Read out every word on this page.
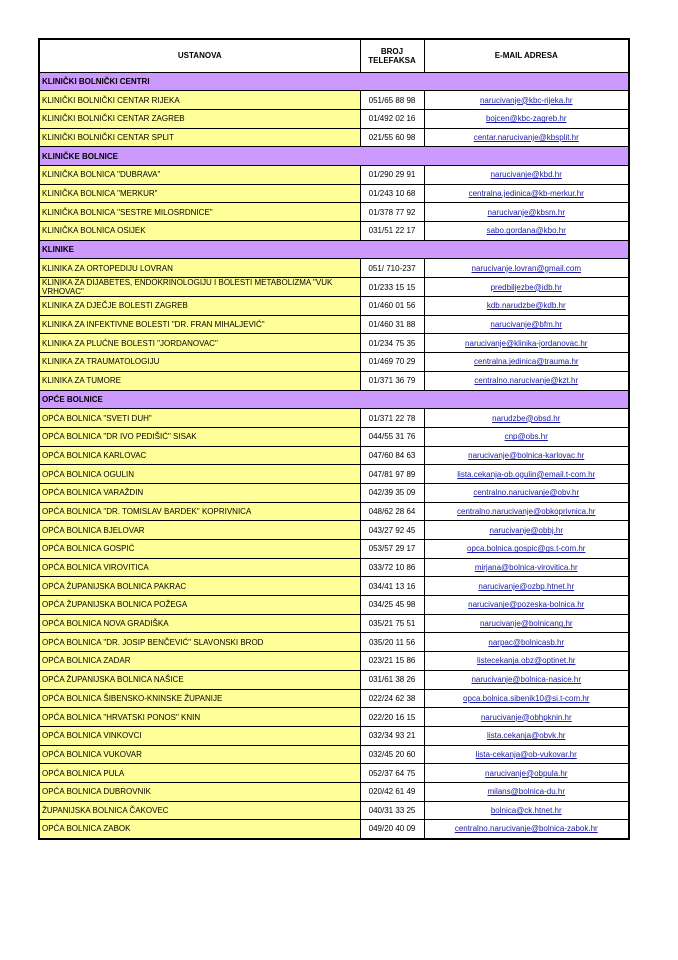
USTANOVA	BROJ TELEFAKSA	E-MAIL ADRESA
KLINIČKI BOLNIČKI CENTRI		
KLINIČKI BOLNIČKI CENTAR RIJEKA	051/65 88 98	narucivanje@kbc-rijeka.hr
KLINIČKI BOLNIČKI CENTAR ZAGREB	01/492 02 16	bojcen@kbc-zagreb.hr
KLINIČKI BOLNIČKI CENTAR SPLIT	021/55 60 98	centar.narucivanje@kbsplit.hr
KLINIČKE BOLNICE		
KLINIČKA BOLNICA "DUBRAVA"	01/290 29 91	narucivanje@kbd.hr
KLINIČKA BOLNICA "MERKUR"	01/243 10 68	centralna.jedinica@kb-merkur.hr
KLINIČKA BOLNICA "SESTRE MILOSRDNICE"	01/378 77 92	narucivanje@kbsm.hr
KLINIČKA BOLNICA OSIJEK	031/51 22 17	sabo.gordana@kbo.hr
KLINIKE		
KLINIKA ZA ORTOPEDIJU LOVRAN	051/ 710-237	narucivanje.lovran@gmail.com
KLINIKA ZA DIJABETES, ENDOKRINOLOGIJU I BOLESTI METABOLIZMA "VUK VRHOVAC"	01/233 15 15	predbiljezbe@idb.hr
KLINIKA ZA DJEČJE BOLESTI ZAGREB	01/460 01 56	kdb.narudzbe@kdb.hr
KLINIKA ZA INFEKTIVNE BOLESTI "DR. FRAN MIHALJEVIĆ"	01/460 31 88	narucivanje@bfm.hr
KLINIKA ZA PLUĆNE BOLESTI "JORDANOVAC"	01/234 75 35	narucivanje@klinika-jordanovac.hr
KLINIKA ZA TRAUMATOLOGIJU	01/469 70 29	centralna.jedinica@trauma.hr
KLINIKA ZA TUMORE	01/371 36 79	centralno.narucivanje@kzt.hr
OPĆE BOLNICE		
OPĆA BOLNICA "SVETI DUH"	01/371 22 78	narudzbe@obsd.hr
OPĆA BOLNICA "DR IVO PEDIŠIĆ" SISAK	044/55 31 76	cnp@obs.hr
OPĆA BOLNICA KARLOVAC	047/60 84 63	narucivanje@bolnica-karlovac.hr
OPĆA BOLNICA OGULIN	047/81 97 89	lista.cekanja-ob.ogulin@email.t-com.hr
OPĆA BOLNICA VARAŽDIN	042/39 35 09	centralno.narucivanje@obv.hr
OPĆA BOLNICA "DR. TOMISLAV BARDEK" KOPRIVNICA	048/62 28 64	centralno.narucivanje@obkoprivnica.hr
OPĆA BOLNICA BJELOVAR	043/27 92 45	narucivanje@obbj.hr
OPĆA BOLNICA GOSPIĆ	053/57 29 17	opca.bolnica.gospic@gs.t-com.hr
OPĆA BOLNICA VIROVITICA	033/72 10 86	mirjana@bolnica-virovitica.hr
OPĆA ŽUPANIJSKA BOLNICA PAKRAC	034/41 13 16	narucivanje@ozbp.htnet.hr
OPĆA ŽUPANIJSKA BOLNICA POŽEGA	034/25 45 98	narucivanje@pozeska-bolnica.hr
OPĆA BOLNICA NOVA GRADIŠKA	035/21 75 51	narucivanje@bolnicang.hr
OPĆA BOLNICA "DR. JOSIP BENČEVIĆ" SLAVONSKI BROD	035/20 11 56	narpac@bolnicasb.hr
OPĆA BOLNICA ZADAR	023/21 15 86	listecekanja.obz@optinet.hr
OPĆA ŽUPANIJSKA BOLNICA NAŠICE	031/61 38 26	narucivanje@bolnica-nasice.hr
OPĆA BOLNICA ŠIBENSKO-KNINSKE ŽUPANIJE	022/24 62 38	opca.bolnica.sibenik10@si.t-com.hr
OPĆA BOLNICA "HRVATSKI PONOS" KNIN	022/20 16 15	narucivanje@obhpknin.hr
OPĆA BOLNICA VINKOVCI	032/34 93 21	lista.cekanja@obvk.hr
OPĆA BOLNICA VUKOVAR	032/45 20 60	lista-cekanja@ob-vukovar.hr
OPĆA BOLNICA PULA	052/37 64 75	narucivanje@obpula.hr
OPĆA BOLNICA DUBROVNIK	020/42 61 49	milans@bolnica-du.hr
ŽUPANIJSKA BOLNICA ČAKOVEC	040/31 33 25	bolnica@ck.htnet.hr
OPĆA BOLNICA ZABOK	049/20 40 09	centralno.narucivanje@bolnica-zabok.hr
